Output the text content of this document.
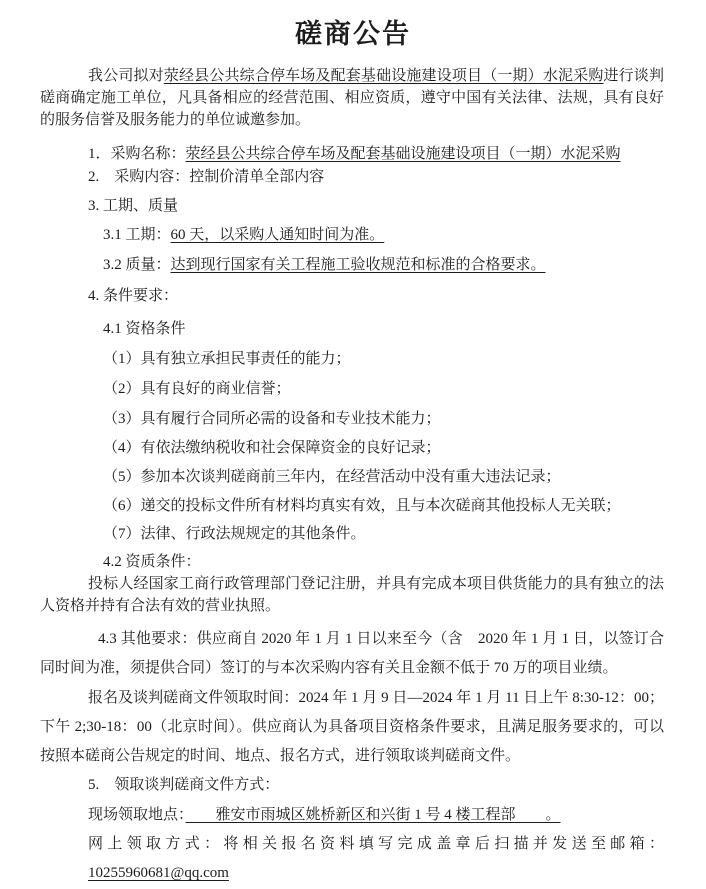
磋商公告

我公司拟对荥经县公共综合停车场及配套基础设施建设项目（一期）水泥采购进行谈判磋商确定施工单位，凡具备相应的经营范围、相应资质，遵守中国有关法律、法规，具有良好的服务信誉及服务能力的单位诚邀参加。

1．采购名称：荥经县公共综合停车场及配套基础设施建设项目（一期）水泥采购

2.　采购内容：控制价清单全部内容

3. 工期、质量

3.1 工期：60 天，以采购人通知时间为准。

3.2 质量：达到现行国家有关工程施工验收规范和标准的合格要求。

4. 条件要求：

4.1 资格条件

（1）具有独立承担民事责任的能力；

（2）具有良好的商业信誉；

（3）具有履行合同所必需的设备和专业技术能力；

（4）有依法缴纳税收和社会保障资金的良好记录；

（5）参加本次谈判磋商前三年内，在经营活动中没有重大违法记录；

（6）递交的投标文件所有材料均真实有效，且与本次磋商其他投标人无关联；

（7）法律、行政法规规定的其他条件。

4.2 资质条件：

投标人经国家工商行政管理部门登记注册，并具有完成本项目供货能力的具有独立的法人资格并持有合法有效的营业执照。

4.3 其他要求：供应商自 2020 年 1 月 1 日以来至今（含　2020 年 1 月 1 日，以签订合同时间为准，须提供合同）签订的与本次采购内容有关且金额不低于 70 万的项目业绩。

报名及谈判磋商文件领取时间：2024 年 1 月 9 日—2024 年 1 月 11 日上午 8:30-12：00；下午 2;30-18：00（北京时间）。供应商认为具备项目资格条件要求，且满足服务要求的，可以按照本磋商公告规定的时间、地点、报名方式，进行领取谈判磋商文件。

5.　领取谈判磋商文件方式：

现场领取地点：　　雅安市雨城区姚桥新区和兴街 1 号 4 楼工程部　　。

网上领取方式：将相关报名资料填写完成盖章后扫描并发送至邮箱：10255960681@qq.com
